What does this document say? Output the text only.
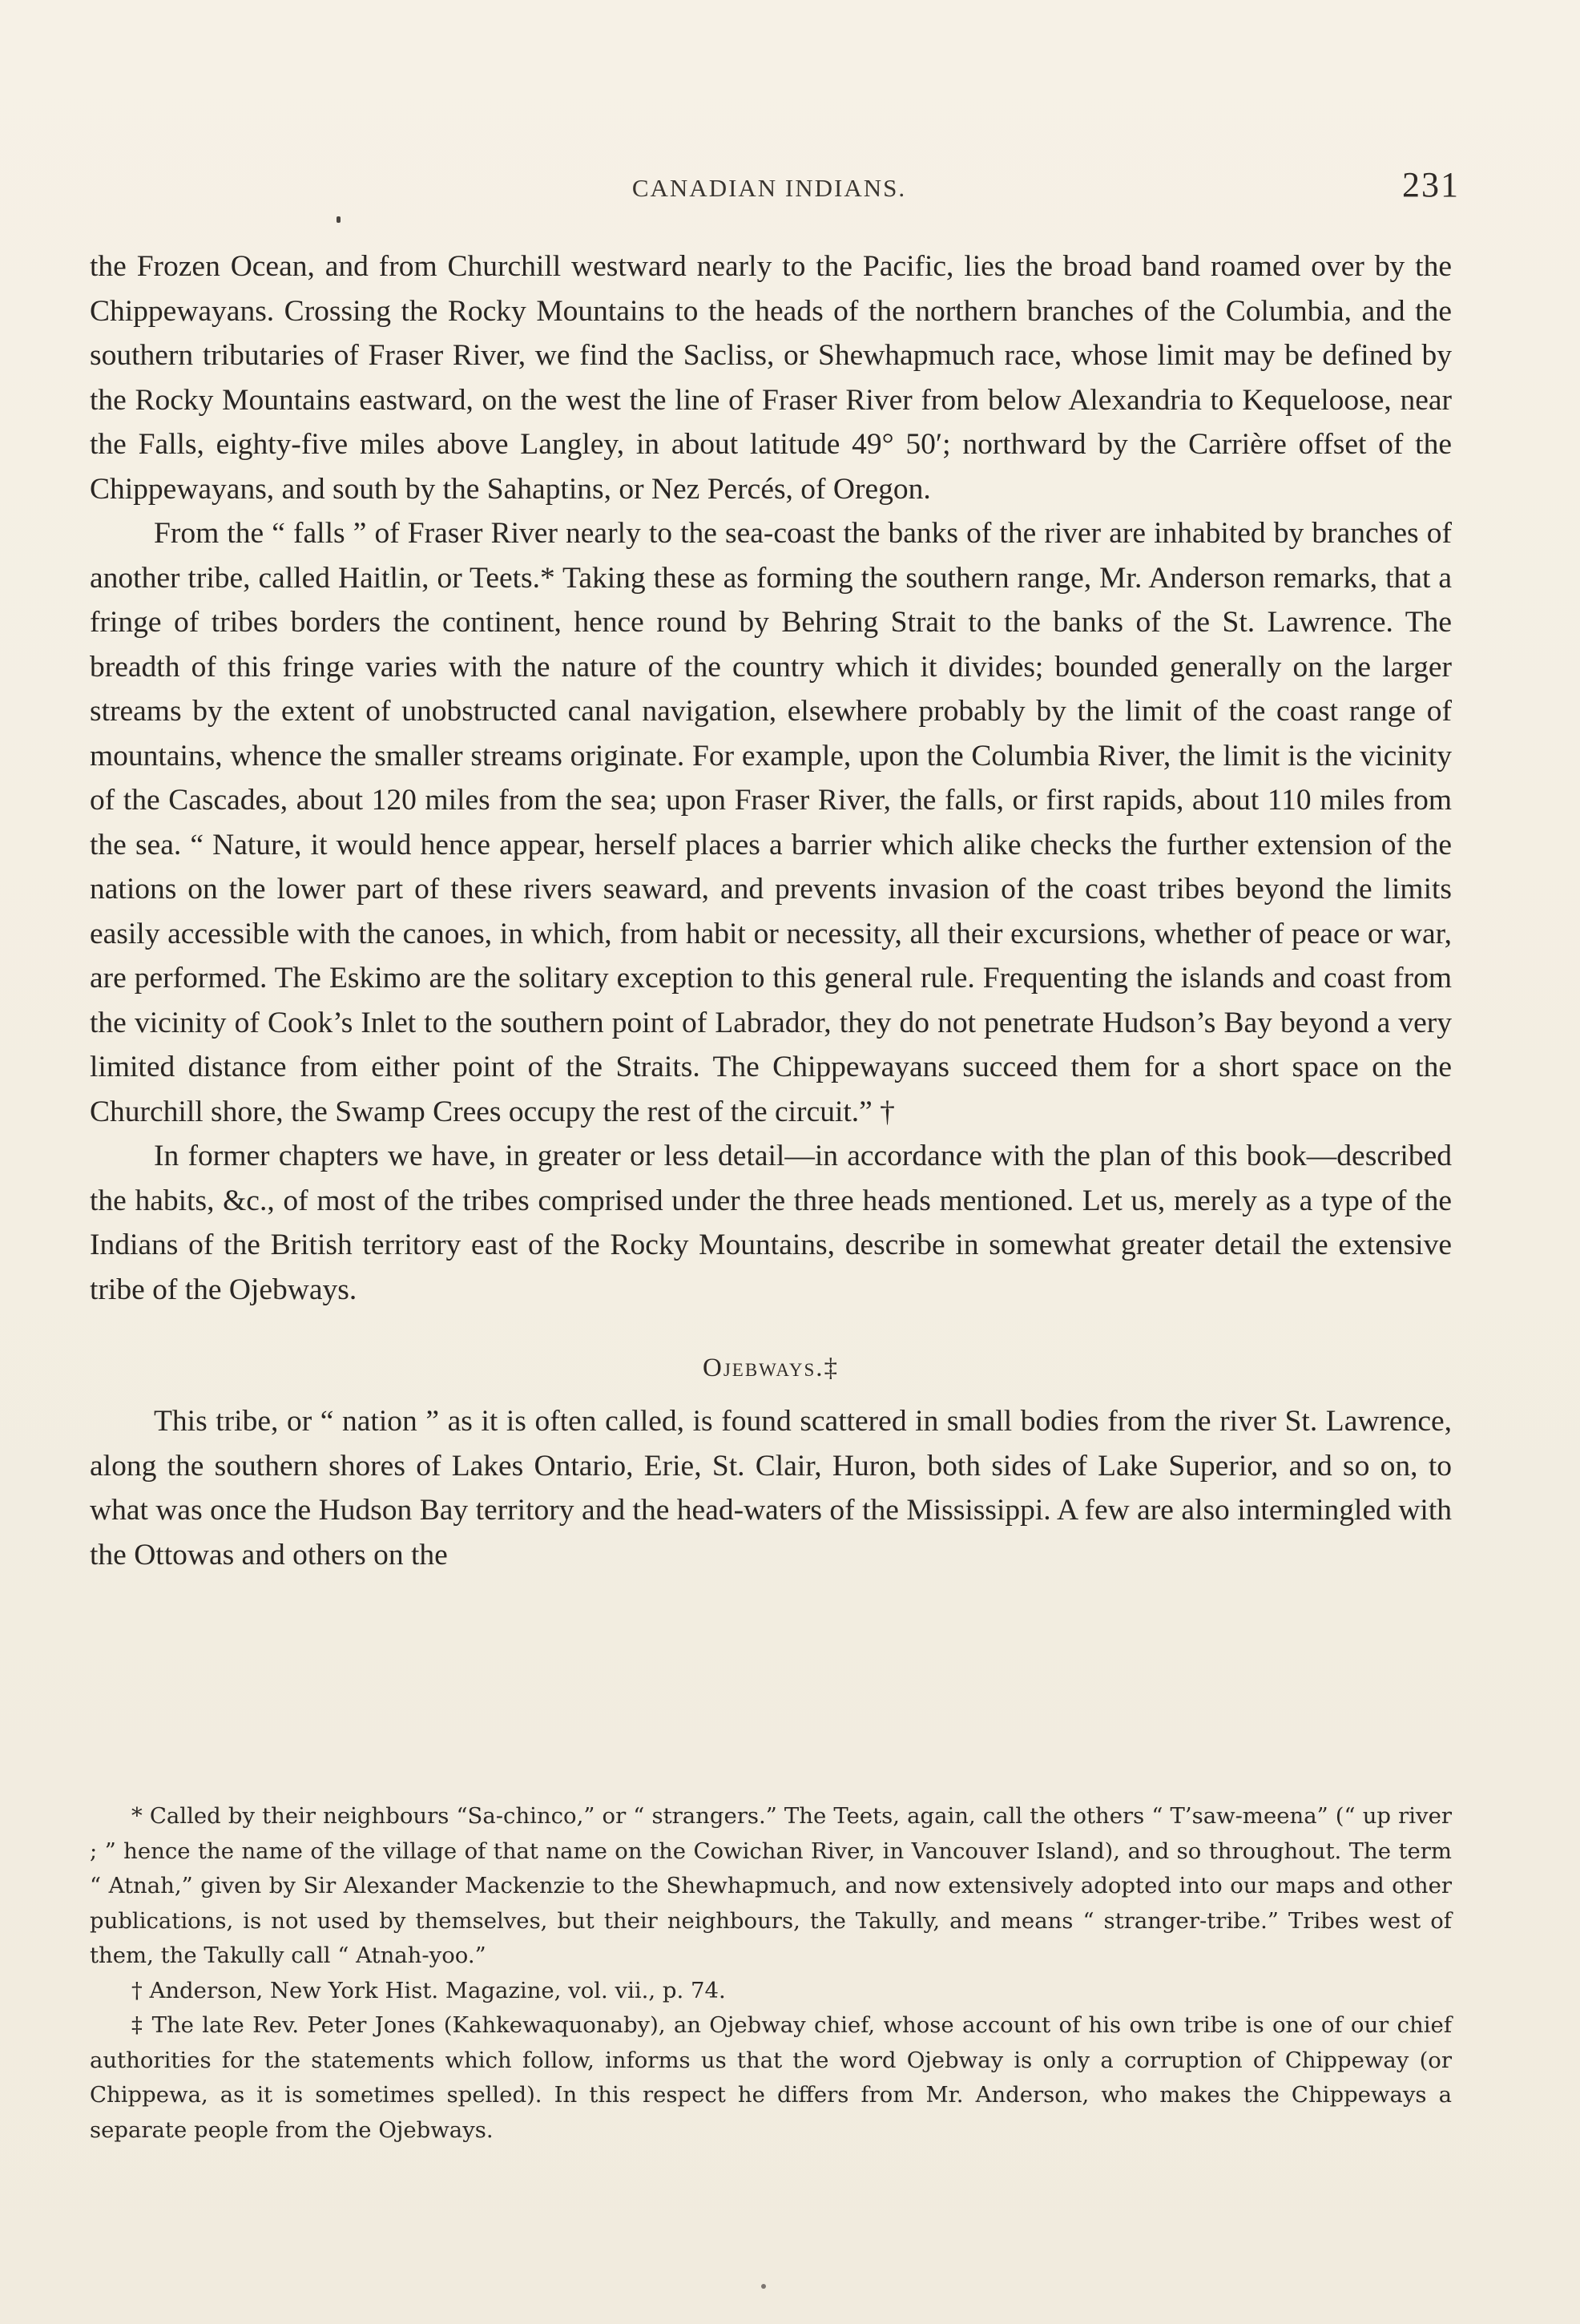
CANADIAN INDIANS.	231

the Frozen Ocean, and from Churchill westward nearly to the Pacific, lies the broad band roamed over by the Chippewayans. Crossing the Rocky Mountains to the heads of the northern branches of the Columbia, and the southern tributaries of Fraser River, we find the Sacliss, or Shewhapmuch race, whose limit may be defined by the Rocky Mountains eastward, on the west the line of Fraser River from below Alexandria to Kequeloose, near the Falls, eighty-five miles above Langley, in about latitude 49° 50′; northward by the Carrière offset of the Chippewayans, and south by the Sahaptins, or Nez Percés, of Oregon.

From the “ falls ” of Fraser River nearly to the sea-coast the banks of the river are inhabited by branches of another tribe, called Haitlin, or Teets.* Taking these as forming the southern range, Mr. Anderson remarks, that a fringe of tribes borders the continent, hence round by Behring Strait to the banks of the St. Lawrence. The breadth of this fringe varies with the nature of the country which it divides; bounded generally on the larger streams by the extent of unobstructed canal navigation, elsewhere probably by the limit of the coast range of mountains, whence the smaller streams originate. For example, upon the Columbia River, the limit is the vicinity of the Cascades, about 120 miles from the sea; upon Fraser River, the falls, or first rapids, about 110 miles from the sea. “ Nature, it would hence appear, herself places a barrier which alike checks the further extension of the nations on the lower part of these rivers seaward, and prevents invasion of the coast tribes beyond the limits easily accessible with the canoes, in which, from habit or necessity, all their excursions, whether of peace or war, are performed. The Eskimo are the solitary exception to this general rule. Frequenting the islands and coast from the vicinity of Cook’s Inlet to the southern point of Labrador, they do not penetrate Hudson’s Bay beyond a very limited distance from either point of the Straits. The Chippewayans succeed them for a short space on the Churchill shore, the Swamp Crees occupy the rest of the circuit.” †

In former chapters we have, in greater or less detail—in accordance with the plan of this book—described the habits, &c., of most of the tribes comprised under the three heads mentioned. Let us, merely as a type of the Indians of the British territory east of the Rocky Mountains, describe in somewhat greater detail the extensive tribe of the Ojebways.

Ojebways.‡

This tribe, or “ nation ” as it is often called, is found scattered in small bodies from the river St. Lawrence, along the southern shores of Lakes Ontario, Erie, St. Clair, Huron, both sides of Lake Superior, and so on, to what was once the Hudson Bay territory and the head-waters of the Mississippi. A few are also intermingled with the Ottowas and others on the

* Called by their neighbours “Sa-chinco,” or “ strangers.” The Teets, again, call the others “ T’saw-meena” (“ up river ; ” hence the name of the village of that name on the Cowichan River, in Vancouver Island), and so throughout. The term “ Atnah,” given by Sir Alexander Mackenzie to the Shewhapmuch, and now extensively adopted into our maps and other publications, is not used by themselves, but their neighbours, the Takully, and means “ stranger-tribe.” Tribes west of them, the Takully call “ Atnah-yoo.”

† Anderson, New York Hist. Magazine, vol. vii., p. 74.

‡ The late Rev. Peter Jones (Kahkewaquonaby), an Ojebway chief, whose account of his own tribe is one of our chief authorities for the statements which follow, informs us that the word Ojebway is only a corruption of Chippeway (or Chippewa, as it is sometimes spelled). In this respect he differs from Mr. Anderson, who makes the Chippeways a separate people from the Ojebways.
